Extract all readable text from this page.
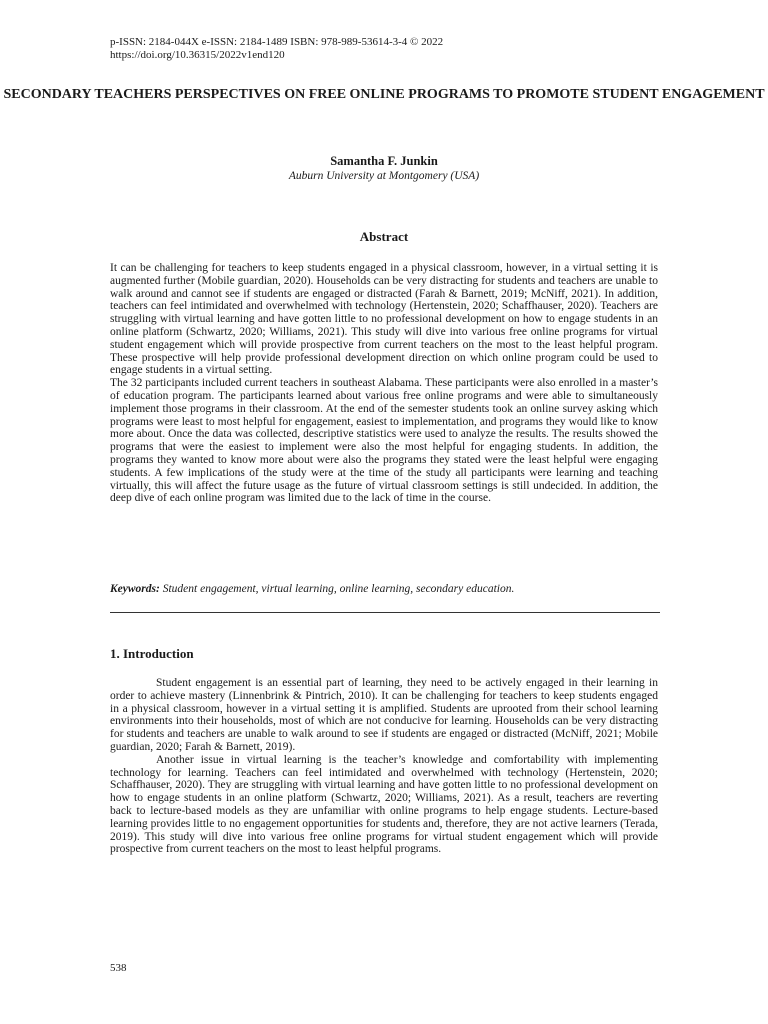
p-ISSN: 2184-044X e-ISSN: 2184-1489 ISBN: 978-989-53614-3-4 © 2022
https://doi.org/10.36315/2022v1end120
SECONDARY TEACHERS PERSPECTIVES ON FREE ONLINE PROGRAMS TO PROMOTE STUDENT ENGAGEMENT
Samantha F. Junkin
Auburn University at Montgomery (USA)
Abstract

It can be challenging for teachers to keep students engaged in a physical classroom, however, in a virtual setting it is augmented further (Mobile guardian, 2020). Households can be very distracting for students and teachers are unable to walk around and cannot see if students are engaged or distracted (Farah & Barnett, 2019; McNiff, 2021). In addition, teachers can feel intimidated and overwhelmed with technology (Hertenstein, 2020; Schaffhauser, 2020). Teachers are struggling with virtual learning and have gotten little to no professional development on how to engage students in an online platform (Schwartz, 2020; Williams, 2021). This study will dive into various free online programs for virtual student engagement which will provide prospective from current teachers on the most to the least helpful program. These prospective will help provide professional development direction on which online program could be used to engage students in a virtual setting.

The 32 participants included current teachers in southeast Alabama. These participants were also enrolled in a master’s of education program. The participants learned about various free online programs and were able to simultaneously implement those programs in their classroom. At the end of the semester students took an online survey asking which programs were least to most helpful for engagement, easiest to implementation, and programs they would like to know more about. Once the data was collected, descriptive statistics were used to analyze the results. The results showed the programs that were the easiest to implement were also the most helpful for engaging students. In addition, the programs they wanted to know more about were also the programs they stated were the least helpful were engaging students. A few implications of the study were at the time of the study all participants were learning and teaching virtually, this will affect the future usage as the future of virtual classroom settings is still undecided. In addition, the deep dive of each online program was limited due to the lack of time in the course.

Keywords: Student engagement, virtual learning, online learning, secondary education.
1. Introduction

Student engagement is an essential part of learning, they need to be actively engaged in their learning in order to achieve mastery (Linnenbrink & Pintrich, 2010). It can be challenging for teachers to keep students engaged in a physical classroom, however in a virtual setting it is amplified. Students are uprooted from their school learning environments into their households, most of which are not conducive for learning. Households can be very distracting for students and teachers are unable to walk around to see if students are engaged or distracted (McNiff, 2021; Mobile guardian, 2020; Farah & Barnett, 2019).

Another issue in virtual learning is the teacher’s knowledge and comfortability with implementing technology for learning. Teachers can feel intimidated and overwhelmed with technology (Hertenstein, 2020; Schaffhauser, 2020). They are struggling with virtual learning and have gotten little to no professional development on how to engage students in an online platform (Schwartz, 2020; Williams, 2021). As a result, teachers are reverting back to lecture-based models as they are unfamiliar with online programs to help engage students. Lecture-based learning provides little to no engagement opportunities for students and, therefore, they are not active learners (Terada, 2019). This study will dive into various free online programs for virtual student engagement which will provide prospective from current teachers on the most to least helpful programs.

538
